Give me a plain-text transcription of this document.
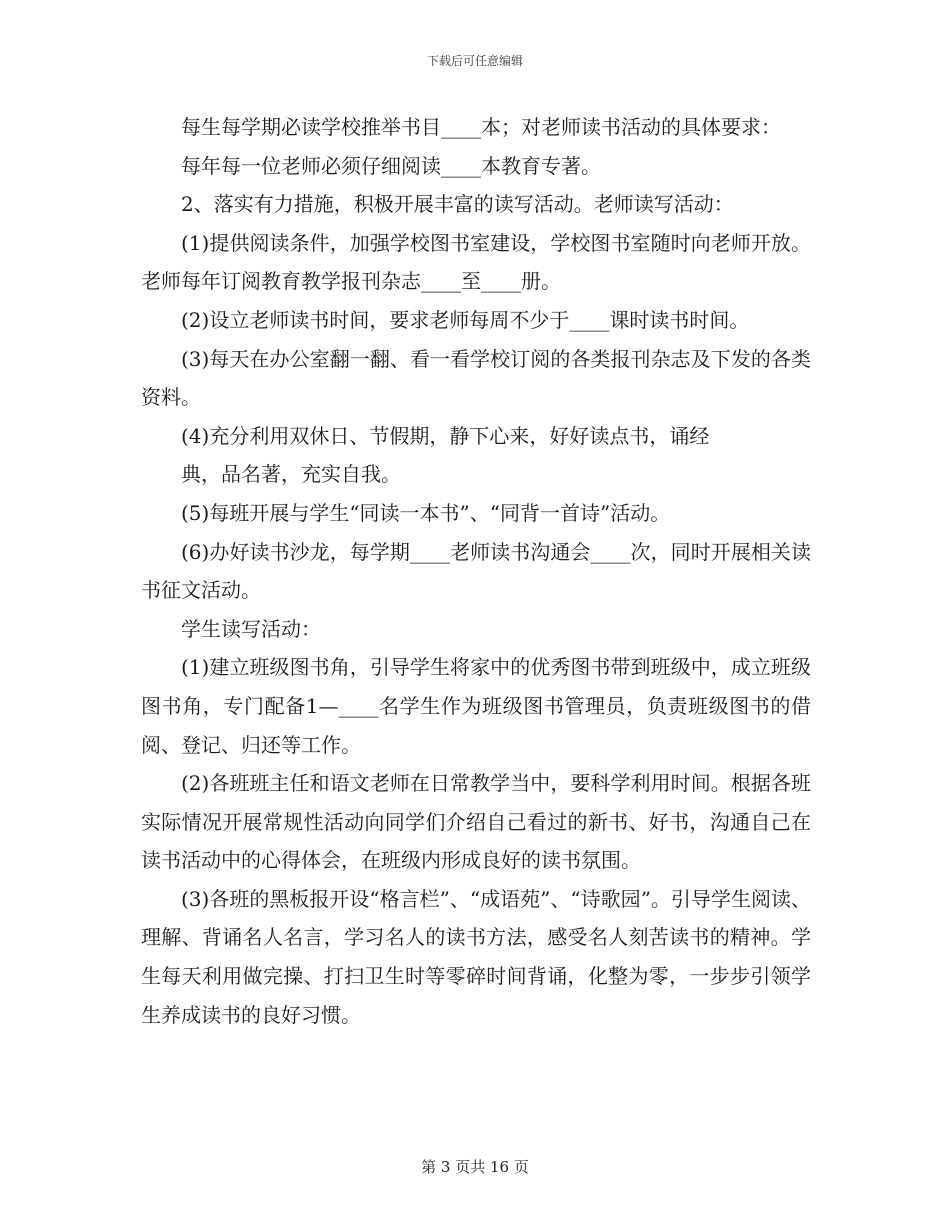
下载后可任意编辑

每生每学期必读学校推举书目____本；对老师读书活动的具体要求：

每年每一位老师必须仔细阅读____本教育专著。

2、落实有力措施，积极开展丰富的读写活动。老师读写活动：

(1)提供阅读条件，加强学校图书室建设，学校图书室随时向老师开放。老师每年订阅教育教学报刊杂志____至____册。

(2)设立老师读书时间，要求老师每周不少于____课时读书时间。

(3)每天在办公室翻一翻、看一看学校订阅的各类报刊杂志及下发的各类资料。

(4)充分利用双休日、节假期，静下心来，好好读点书，诵经

典，品名著，充实自我。

(5)每班开展与学生“同读一本书”、“同背一首诗”活动。

(6)办好读书沙龙，每学期____老师读书沟通会____次，同时开展相关读书征文活动。

学生读写活动：

(1)建立班级图书角，引导学生将家中的优秀图书带到班级中，成立班级图书角，专门配备1—____名学生作为班级图书管理员，负责班级图书的借阅、登记、归还等工作。

(2)各班班主任和语文老师在日常教学当中，要科学利用时间。根据各班实际情况开展常规性活动向同学们介绍自己看过的新书、好书，沟通自己在读书活动中的心得体会，在班级内形成良好的读书氛围。

(3)各班的黑板报开设“格言栏”、“成语苑”、“诗歌园”。引导学生阅读、理解、背诵名人名言，学习名人的读书方法，感受名人刻苦读书的精神。学生每天利用做完操、打扫卫生时等零碎时间背诵，化整为零，一步步引领学生养成读书的良好习惯。

第 3 页共 16 页
